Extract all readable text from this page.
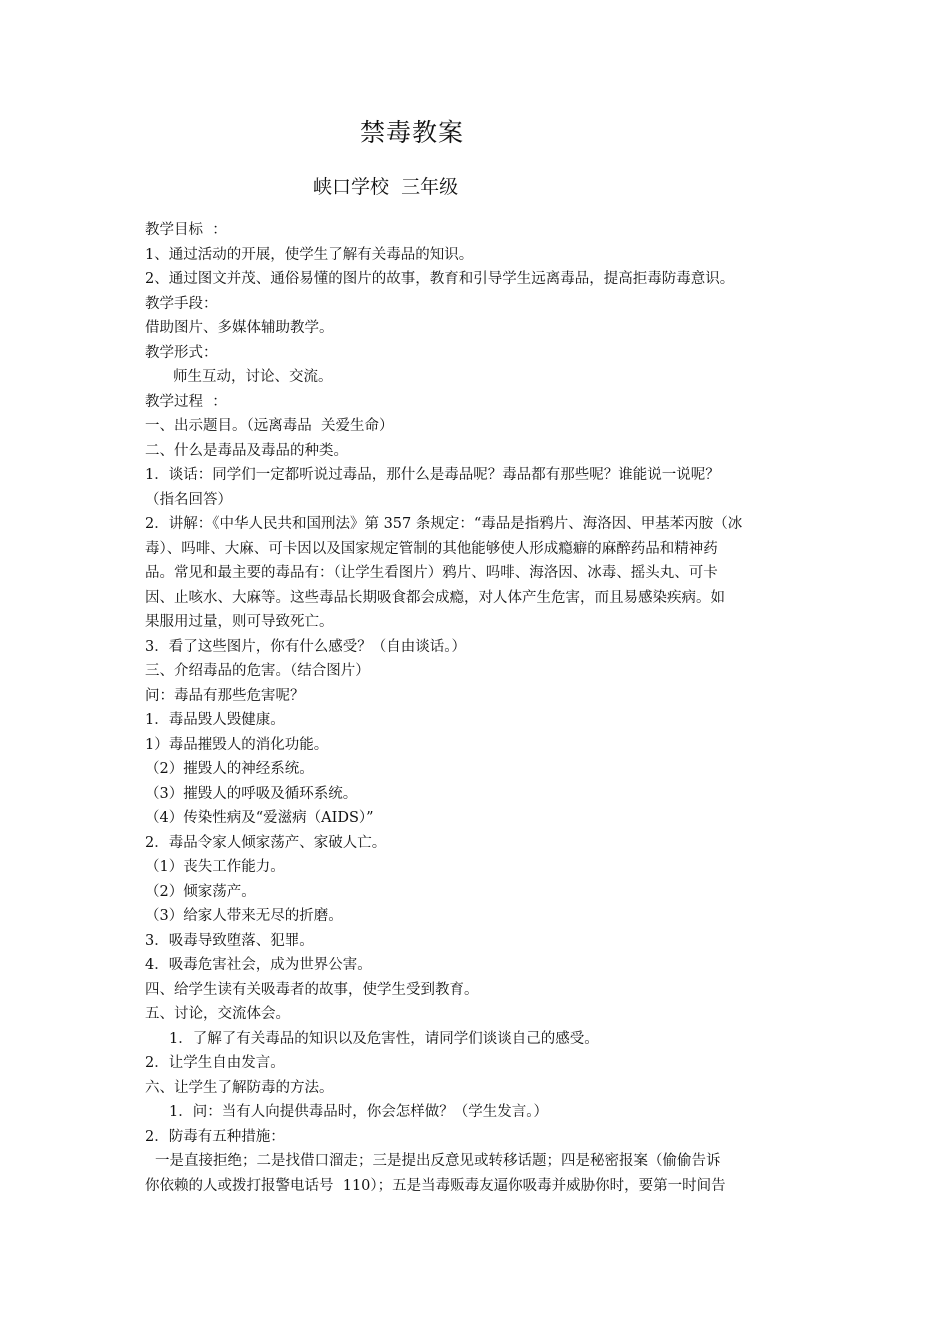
禁毒教案
峡口学校  三年级
教学目标  ：
1、通过活动的开展，使学生了解有关毒品的知识。
2、通过图文并茂、通俗易懂的图片的故事，教育和引导学生远离毒品，提高拒毒防毒意识。
教学手段：
借助图片、多媒体辅助教学。
教学形式：
师生互动，讨论、交流。
教学过程  ：
一、出示题目。（远离毒品  关爱生命）
二、什么是毒品及毒品的种类。
1．谈话：同学们一定都听说过毒品，那什么是毒品呢？毒品都有那些呢？谁能说一说呢？
（指名回答）
2．讲解：《中华人民共和国刑法》第 357 条规定：“毒品是指鸦片、海洛因、甲基苯丙胺（冰
毒）、吗啡、大麻、可卡因以及国家规定管制的其他能够使人形成瘾癖的麻醉药品和精神药
品。常见和最主要的毒品有：（让学生看图片）鸦片、吗啡、海洛因、冰毒、摇头丸、可卡
因、止咳水、大麻等。这些毒品长期吸食都会成瘾，对人体产生危害，而且易感染疾病。如
果服用过量，则可导致死亡。
3．看了这些图片，你有什么感受？（自由谈话。）
三、介绍毒品的危害。（结合图片）
问：毒品有那些危害呢？
1．毒品毁人毁健康。
1）毒品摧毁人的消化功能。
（2）摧毁人的神经系统。
（3）摧毁人的呼吸及循环系统。
（4）传染性病及“爱滋病（AIDS）”
2．毒品令家人倾家荡产、家破人亡。
（1）丧失工作能力。
（2）倾家荡产。
（3）给家人带来无尽的折磨。
3．吸毒导致堕落、犯罪。
4．吸毒危害社会，成为世界公害。
四、给学生读有关吸毒者的故事，使学生受到教育。
五、讨论，交流体会。
1．了解了有关毒品的知识以及危害性，请同学们谈谈自己的感受。
2．让学生自由发言。
六、让学生了解防毒的方法。
1．问：当有人向提供毒品时，你会怎样做？（学生发言。）
2．防毒有五种措施：
一是直接拒绝；二是找借口溜走；三是提出反意见或转移话题；四是秘密报案（偷偷告诉
你依赖的人或拨打报警电话号  110）；五是当毒贩毒友逼你吸毒并威胁你时，要第一时间告
